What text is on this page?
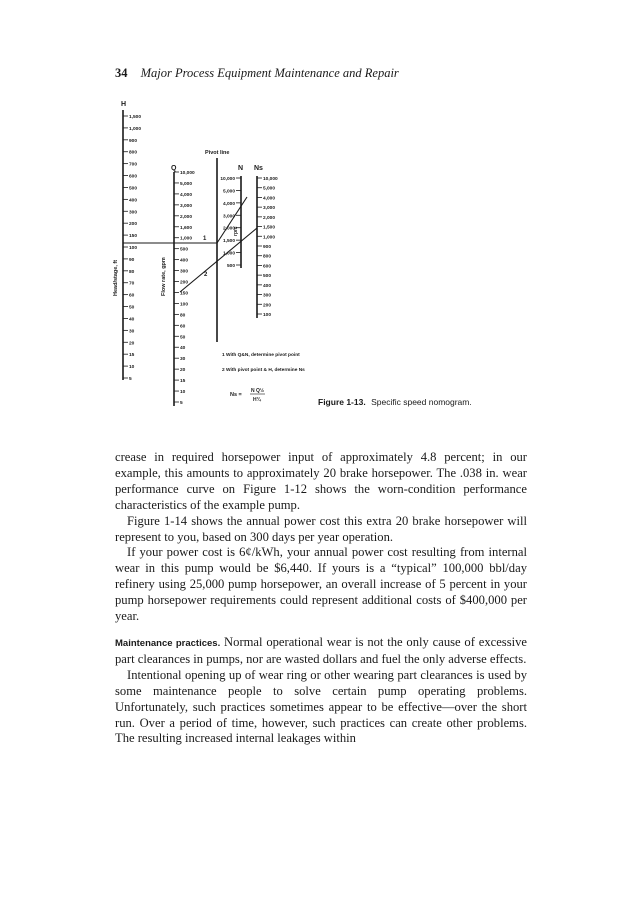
34 Major Process Equipment Maintenance and Repair
H
Q	N Ns
Pivot line
Head/stage, ft	Flow rate, gpm
rpm
1
2
1,500
1,000
900
800
700
600
500
400
300
200
150
100
90
80
70
60
50
40
30
20
15
10
5
10,000
5,000
4,000
3,000
2,000
1,600
1,000
500
400
300
200
150
100
80
60
50
40
30
20
15
10
5
10,000
5,000
4,000
3,000
2,000
1,500
1,000
500
10,000
5,000
4,000
3,000
2,000
1,500
1,000
900
800
600
500
400
300
200
100
1 With Q&N, determine pivot point
2 With pivot point & H, determine Ns
Ns =
N Q½
H¾	Figure 1-13. Specific speed nomogram.

crease in required horsepower input of approximately 4.8 percent; in our example, this amounts to approximately 20 brake horsepower. The .038 in. wear performance curve on Figure 1-12 shows the worn-condition performance characteristics of the example pump.

Figure 1-14 shows the annual power cost this extra 20 brake horsepower will represent to you, based on 300 days per year operation.

If your power cost is 6¢/kWh, your annual power cost resulting from internal wear in this pump would be $6,440. If yours is a “typical” 100,000 bbl/day refinery using 25,000 pump horsepower, an overall increase of 5 percent in your pump horsepower requirements could represent additional costs of $400,000 per year.

Maintenance practices. Normal operational wear is not the only cause of excessive part clearances in pumps, nor are wasted dollars and fuel the only adverse effects.

Intentional opening up of wear ring or other wearing part clearances is used by some maintenance people to solve certain pump operating problems. Unfortunately, such practices sometimes appear to be effective—over the short run. Over a period of time, however, such practices can create other problems. The resulting increased internal leakages within
